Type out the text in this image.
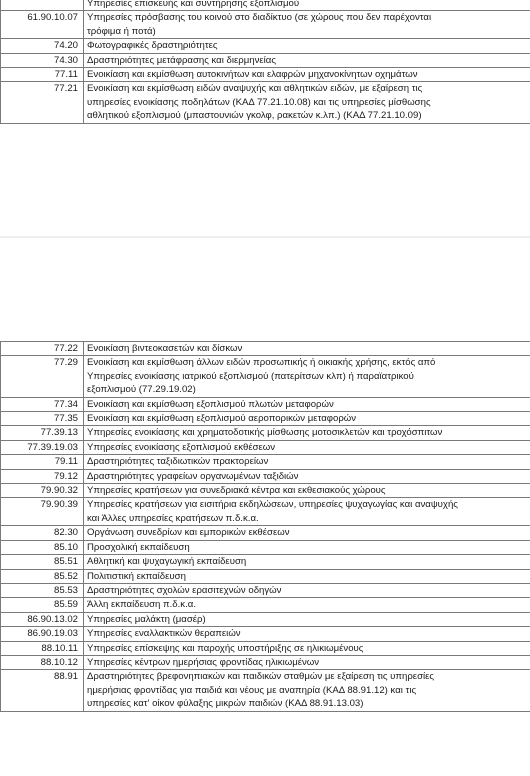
	Υπηρεσίες επισκευής και συντήρησης εξοπλισμού

61.90.10.07	Υπηρεσίες πρόσβασης του κοινού στο διαδίκτυο (σε χώρους που δεν παρέχονται
τρόφιμα ή ποτά)

74.20	Φωτογραφικές δραστηριότητες

74.30	Δραστηριότητες μετάφρασης και διερμηνείας

77.11	Ενοικίαση και εκμίσθωση αυτοκινήτων και ελαφρών μηχανοκίνητων οχημάτων

77.21	Ενοικίαση και εκμίσθωση ειδών αναψυχής και αθλητικών ειδών, με εξαίρεση τις
υπηρεσίες ενοικίασης ποδηλάτων (ΚΑΔ 77.21.10.08) και τις υπηρεσίες μίσθωσης
αθλητικού εξοπλισμού (μπαστουνιών γκολφ, ρακετών κ.λπ.) (ΚΑΔ 77.21.10.09)
77.22	Ενοικίαση βιντεοκασετών και δίσκων

77.29	Ενοικίαση και εκμίσθωση άλλων ειδών προσωπικής ή οικιακής χρήσης, εκτός από
Υπηρεσίες ενοικίασης ιατρικού εξοπλισμού (πατερίτσων κλπ) ή παραϊατρικού
εξοπλισμού (77.29.19.02)

77.34	Ενοικίαση και εκμίσθωση εξοπλισμού πλωτών μεταφορών

77.35	Ενοικίαση και εκμίσθωση εξοπλισμού αεροπορικών μεταφορών

77.39.13	Υπηρεσίες ενοικίασης και χρηματοδοτικής μίσθωσης μοτοσικλετών και τροχόσπιτων

77.39.19.03	Υπηρεσίες ενοικίασης εξοπλισμού εκθέσεων

79.11	Δραστηριότητες ταξιδιωτικών πρακτορείων

79.12	Δραστηριότητες γραφείων οργανωμένων ταξιδιών

79.90.32	Υπηρεσίες κρατήσεων για συνεδριακά κέντρα και εκθεσιακούς χώρους

79.90.39	Υπηρεσίες κρατήσεων για εισιτήρια εκδηλώσεων, υπηρεσίες ψυχαγωγίας και αναψυχής
και Άλλες υπηρεσίες κρατήσεων π.δ.κ.α.

82.30	Οργάνωση συνεδρίων και εμπορικών εκθέσεων

85.10	Προσχολική εκπαίδευση

85.51	Αθλητική και ψυχαγωγική εκπαίδευση

85.52	Πολιτιστική εκπαίδευση

85.53	Δραστηριότητες σχολών ερασιτεχνών οδηγών

85.59	Άλλη εκπαίδευση π.δ.κ.α.

86.90.13.02	Υπηρεσίες μαλάκτη (μασέρ)

86.90.19.03	Υπηρεσίες εναλλακτικών θεραπειών

88.10.11	Υπηρεσίες επίσκεψης και παροχής υποστήριξης σε ηλικιωμένους

88.10.12	Υπηρεσίες κέντρων ημερήσιας φροντίδας ηλικιωμένων

88.91	Δραστηριότητες βρεφονηπιακών και παιδικών σταθμών με εξαίρεση τις υπηρεσίες
ημερήσιας φροντίδας για παιδιά και νέους με αναπηρία (ΚΑΔ 88.91.12) και τις
υπηρεσίες κατ' οίκον φύλαξης μικρών παιδιών (ΚΑΔ 88.91.13.03)
